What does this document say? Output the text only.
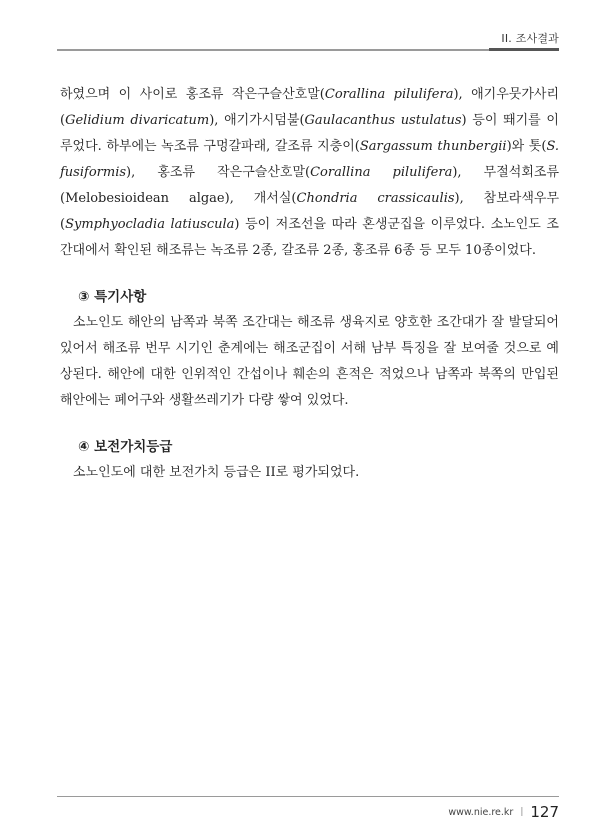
II. 조사결과

하였으며 이 사이로 홍조류 작은구슬산호말(Corallina pilulifera), 애기우뭇가사리(Gelidium divaricatum), 애기가시덤불(Gaulacanthus ustulatus) 등이 뙈기를 이루었다. 하부에는 녹조류 구멍갈파래, 갈조류 지충이(Sargassum thunbergii)와 톳(S. fusiformis), 홍조류 작은구슬산호말(Corallina pilulifera), 무절석회조류(Melobesioidean algae), 개서실(Chondria crassicaulis), 참보라색우무(Symphyocladia latiuscula) 등이 저조선을 따라 혼생군집을 이루었다. 소노인도 조간대에서 확인된 해조류는 녹조류 2종, 갈조류 2종, 홍조류 6종 등 모두 10종이었다.

③ 특기사항

소노인도 해안의 남쪽과 북쪽 조간대는 해조류 생육지로 양호한 조간대가 잘 발달되어 있어서 해조류 번무 시기인 춘계에는 해조군집이 서해 남부 특징을 잘 보여줄 것으로 예상된다. 해안에 대한 인위적인 간섭이나 훼손의 흔적은 적었으나 남쪽과 북쪽의 만입된 해안에는 폐어구와 생활쓰레기가 다량 쌓여 있었다.

④ 보전가치등급

소노인도에 대한 보전가치 등급은 II로 평가되었다.

www.nie.re.kr | 127
